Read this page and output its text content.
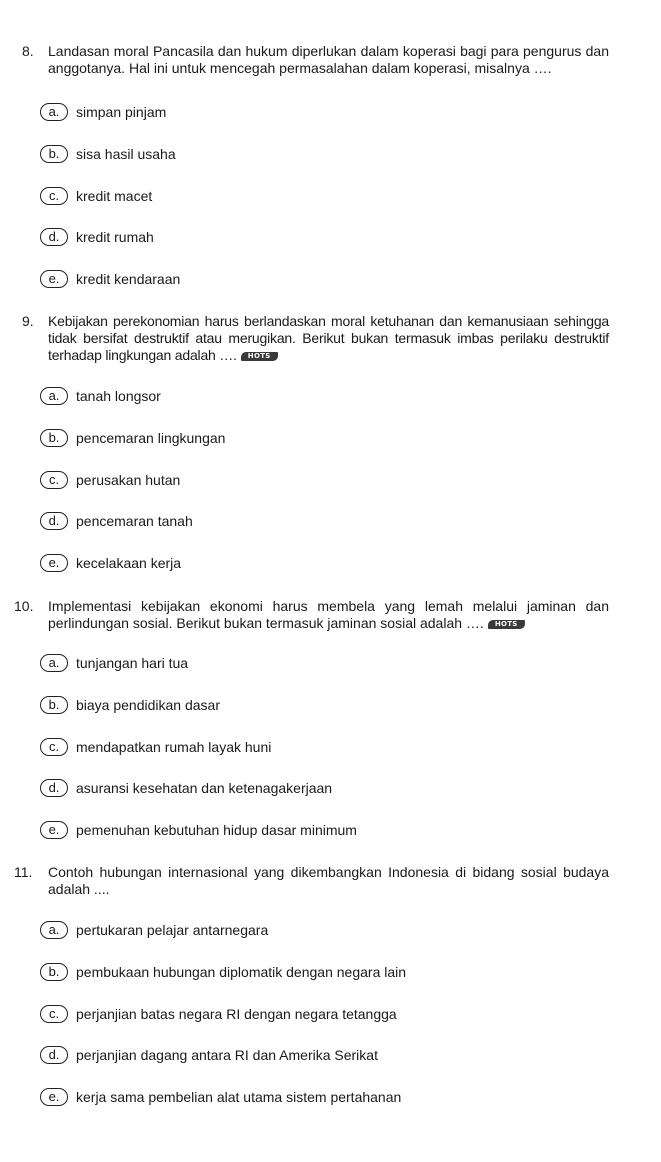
8. Landasan moral Pancasila dan hukum diperlukan dalam koperasi bagi para pengurus dan anggotanya. Hal ini untuk mencegah permasalahan dalam koperasi, misalnya ….
a.	simpan pinjam
b.	sisa hasil usaha
c.	kredit macet
d.	kredit rumah
e.	kredit kendaraan
9. Kebijakan perekonomian harus berlandaskan moral ketuhanan dan kemanusiaan sehingga tidak bersifat destruktif atau merugikan. Berikut bukan termasuk imbas perilaku destruktif terhadap lingkungan adalah …. HOTS
a.	tanah longsor
b.	pencemaran lingkungan
c.	perusakan hutan
d.	pencemaran tanah
e.	kecelakaan kerja
10. Implementasi kebijakan ekonomi harus membela yang lemah melalui jaminan dan perlindungan sosial. Berikut bukan termasuk jaminan sosial adalah …. HOTS
a.	tunjangan hari tua
b.	biaya pendidikan dasar
c.	mendapatkan rumah layak huni
d.	asuransi kesehatan dan ketenagakerjaan
e.	pemenuhan kebutuhan hidup dasar minimum
11. Contoh hubungan internasional yang dikembangkan Indonesia di bidang sosial budaya adalah ....
a.	pertukaran pelajar antarnegara
b.	pembukaan hubungan diplomatik dengan negara lain
c.	perjanjian batas negara RI dengan negara tetangga
d.	perjanjian dagang antara RI dan Amerika Serikat
e.	kerja sama pembelian alat utama sistem pertahanan
